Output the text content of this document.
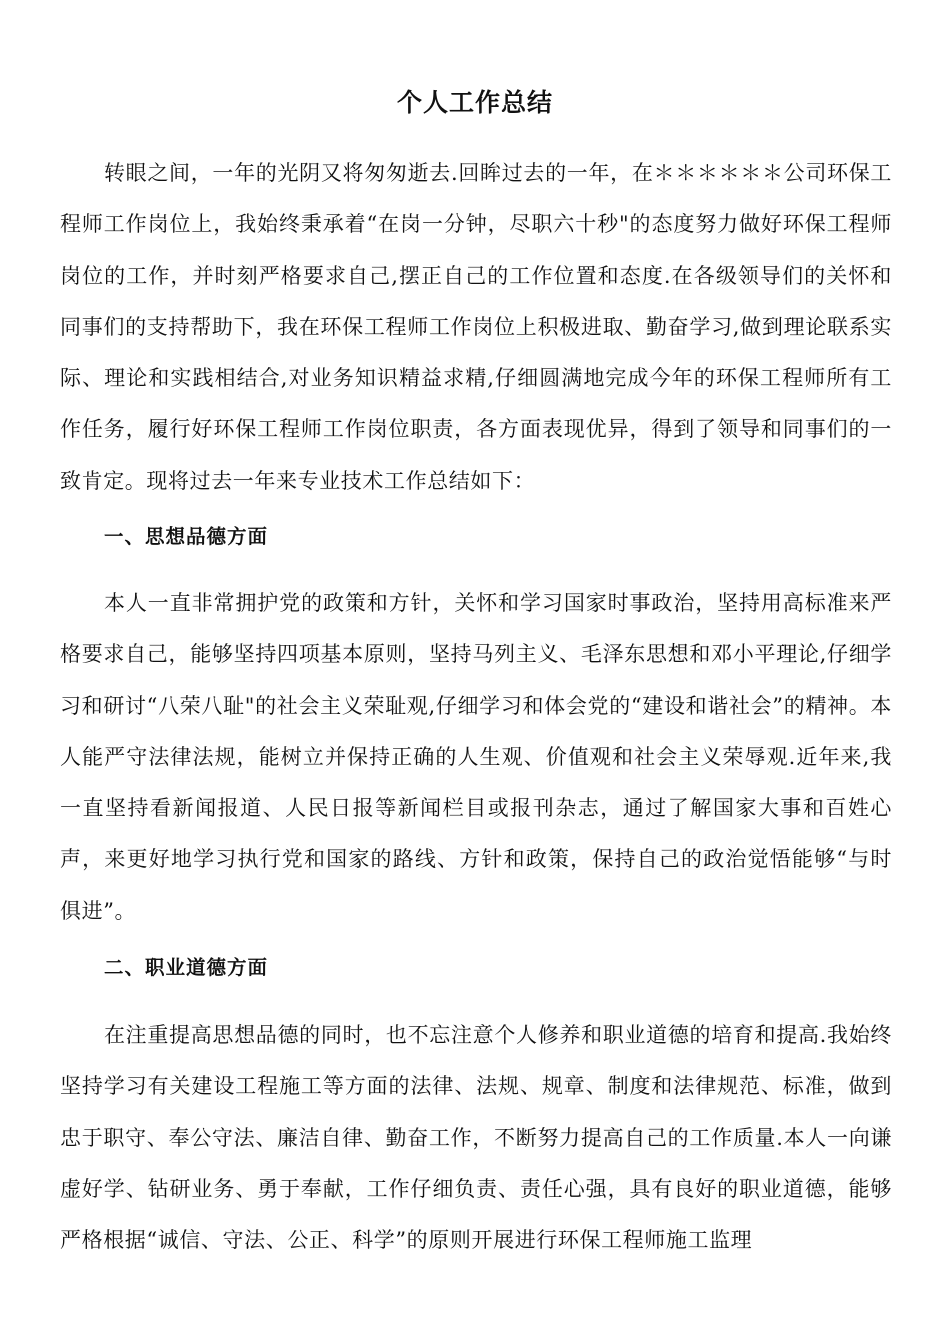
个人工作总结

转眼之间，一年的光阴又将匆匆逝去.回眸过去的一年，在＊＊＊＊＊＊公司环保工程师工作岗位上，我始终秉承着“在岗一分钟，尽职六十秒"的态度努力做好环保工程师岗位的工作，并时刻严格要求自己,摆正自己的工作位置和态度.在各级领导们的关怀和同事们的支持帮助下，我在环保工程师工作岗位上积极进取、勤奋学习,做到理论联系实际、理论和实践相结合,对业务知识精益求精,仔细圆满地完成今年的环保工程师所有工作任务，履行好环保工程师工作岗位职责，各方面表现优异，得到了领导和同事们的一致肯定。现将过去一年来专业技术工作总结如下：

一、思想品德方面

本人一直非常拥护党的政策和方针，关怀和学习国家时事政治，坚持用高标准来严格要求自己，能够坚持四项基本原则，坚持马列主义、毛泽东思想和邓小平理论,仔细学习和研讨“八荣八耻"的社会主义荣耻观,仔细学习和体会党的“建设和谐社会”的精神。本人能严守法律法规，能树立并保持正确的人生观、价值观和社会主义荣辱观.近年来,我一直坚持看新闻报道、人民日报等新闻栏目或报刊杂志，通过了解国家大事和百姓心声，来更好地学习执行党和国家的路线、方针和政策，保持自己的政治觉悟能够“与时俱进”。

二、职业道德方面

在注重提高思想品德的同时，也不忘注意个人修养和职业道德的培育和提高.我始终坚持学习有关建设工程施工等方面的法律、法规、规章、制度和法律规范、标准，做到忠于职守、奉公守法、廉洁自律、勤奋工作，不断努力提高自己的工作质量.本人一向谦虚好学、钻研业务、勇于奉献，工作仔细负责、责任心强，具有良好的职业道德，能够严格根据“诚信、守法、公正、科学”的原则开展进行环保工程师施工监理
